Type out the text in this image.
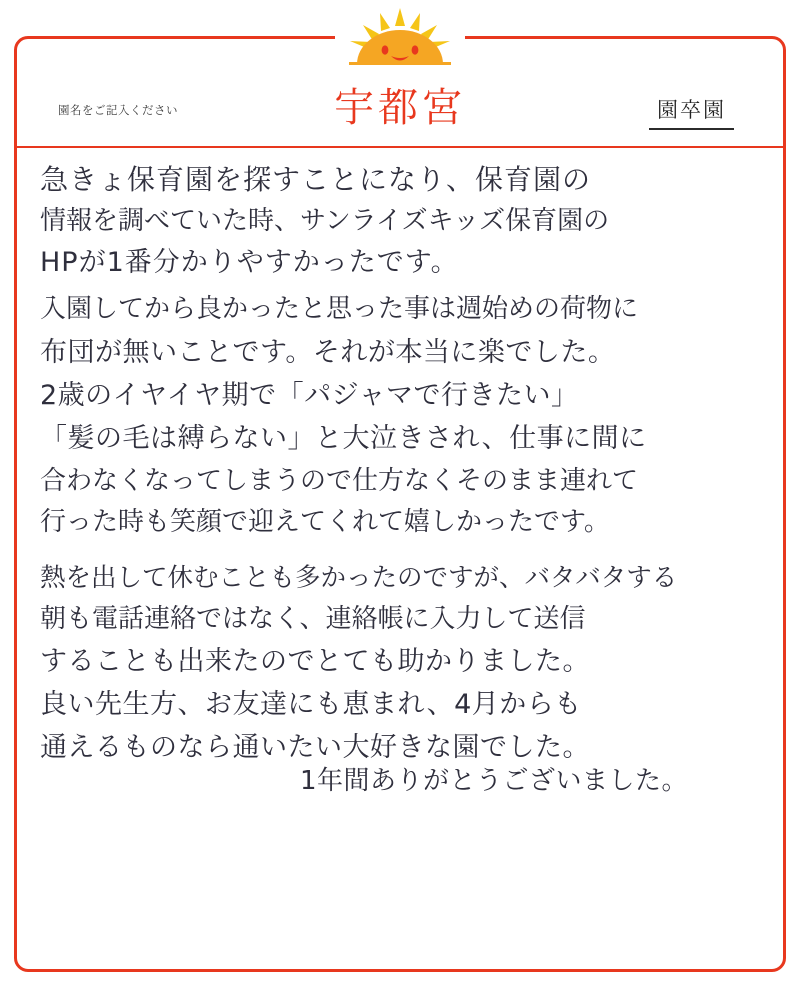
園名をご記入ください	宇都宮	園卒園
急きょ保育園を探すことになり、保育園の
情報を調べていた時、サンライズキッズ保育園の
HPが1番分かりやすかったです。
入園してから良かったと思った事は週始めの荷物に
布団が無いことです。それが本当に楽でした。
2歳のイヤイヤ期で「パジャマで行きたい」
「髪の毛は縛らない」と大泣きされ、仕事に間に
合わなくなってしまうので仕方なくそのまま連れて
行った時も笑顔で迎えてくれて嬉しかったです。
熱を出して休むことも多かったのですが、バタバタする
朝も電話連絡ではなく、連絡帳に入力して送信
することも出来たのでとても助かりました。
良い先生方、お友達にも恵まれ、4月からも
通えるものなら通いたい大好きな園でした。
1年間ありがとうございました。
